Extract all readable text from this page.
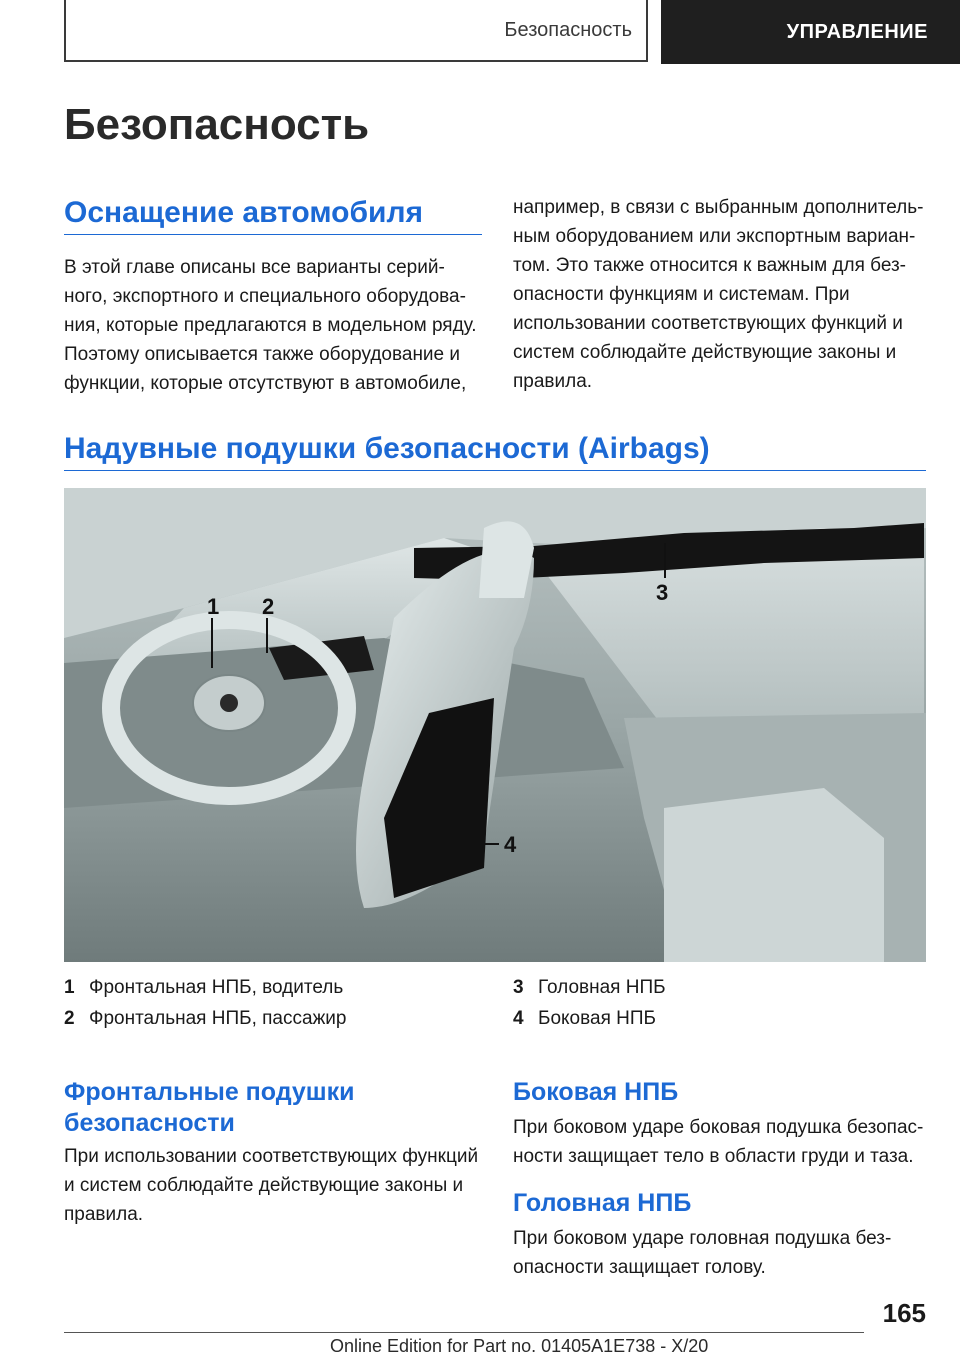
Безопасность	УПРАВЛЕНИЕ
Безопасность
Оснащение автомобиля

В этой главе описаны все варианты серий-
ного, экспортного и специального оборудова-
ния, которые предлагаются в модельном ряду.
Поэтому описывается также оборудование и
функции, которые отсутствуют в автомобиле,

например, в связи с выбранным дополнитель-
ным оборудованием или экспортным вариан-
том. Это также относится к важным для без-
опасности функциям и системам. При
использовании соответствующих функций и
систем соблюдайте действующие законы и
правила.

Надувные подушки безопасности (Airbags)
1 2
3
4
1 Фронтальная НПБ, водитель
2 Фронтальная НПБ, пассажир
3 Головная НПБ
4 Боковая НПБ
Фронтальные подушки
безопасности

При использовании соответствующих функций
и систем соблюдайте действующие законы и
правила.

Боковая НПБ

При боковом ударе боковая подушка безопас-
ности защищает тело в области груди и таза.

Головная НПБ

При боковом ударе головная подушка без-
опасности защищает голову.

165
Online Edition for Part no. 01405A1E738 - X/20
